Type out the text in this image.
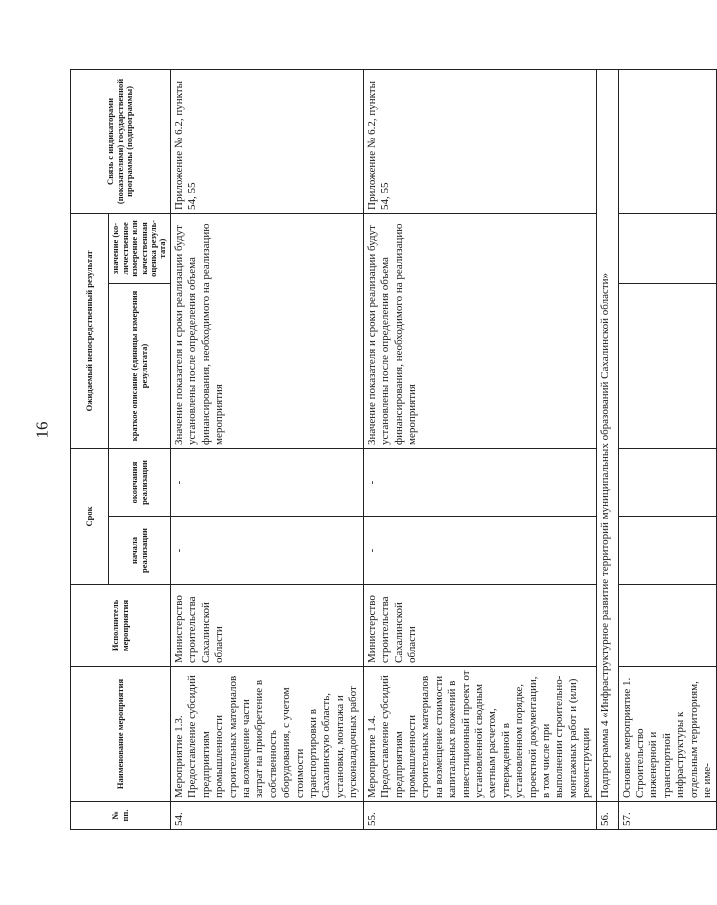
16
№ пп.	Наименование мероприятия	Исполнитель мероприятия	Срок		Ожидаемый непосредственный результат		Связь с индикаторами (показателями) государственной программы (подпрограммы)
			начала реализации	окончания реализации	краткое описание (единицы измерения результата)	значение (ко-личественное измерение или качественная оценка резуль-тата)	
54.	Мероприятие 1.3. Предоставление субсидий предприятиям промышленности строительных материалов на возмещение части затрат на приобретение в собственность оборудования, с учетом стоимости транспортировки в Сахалинскую область, установки, монтажа и пусконаладочных работ	Министерство строительства Сахалинской области	-	-	Значение показателя и сроки реализации будут установлены после определения объема финансирования, необходимого на реализацию мероприятия		Приложение № 6.2, пункты 54, 55
55.	Мероприятие 1.4. Предоставление субсидий предприятиям промышленности строительных материалов на возмещение стоимости капитальных вложений в инвестиционный проект от установленной сводным сметным расчетом, утвержденной в установленном порядке, проектной документации, в том числе при выполнении строительно-монтажных работ и (или) реконструкции	Министерство строительства Сахалинской области	-	-	Значение показателя и сроки реализации будут установлены после определения объема финансирования, необходимого на реализацию мероприятия		Приложение № 6.2, пункты 54, 55
56.	Подпрограмма 4 «Инфраструктурное развитие территорий муниципальных образований Сахалинской области»						
57.	Основное мероприятие 1. Строительство инженерной и транспортной инфраструктуры к отдельным территориям, не име-						
